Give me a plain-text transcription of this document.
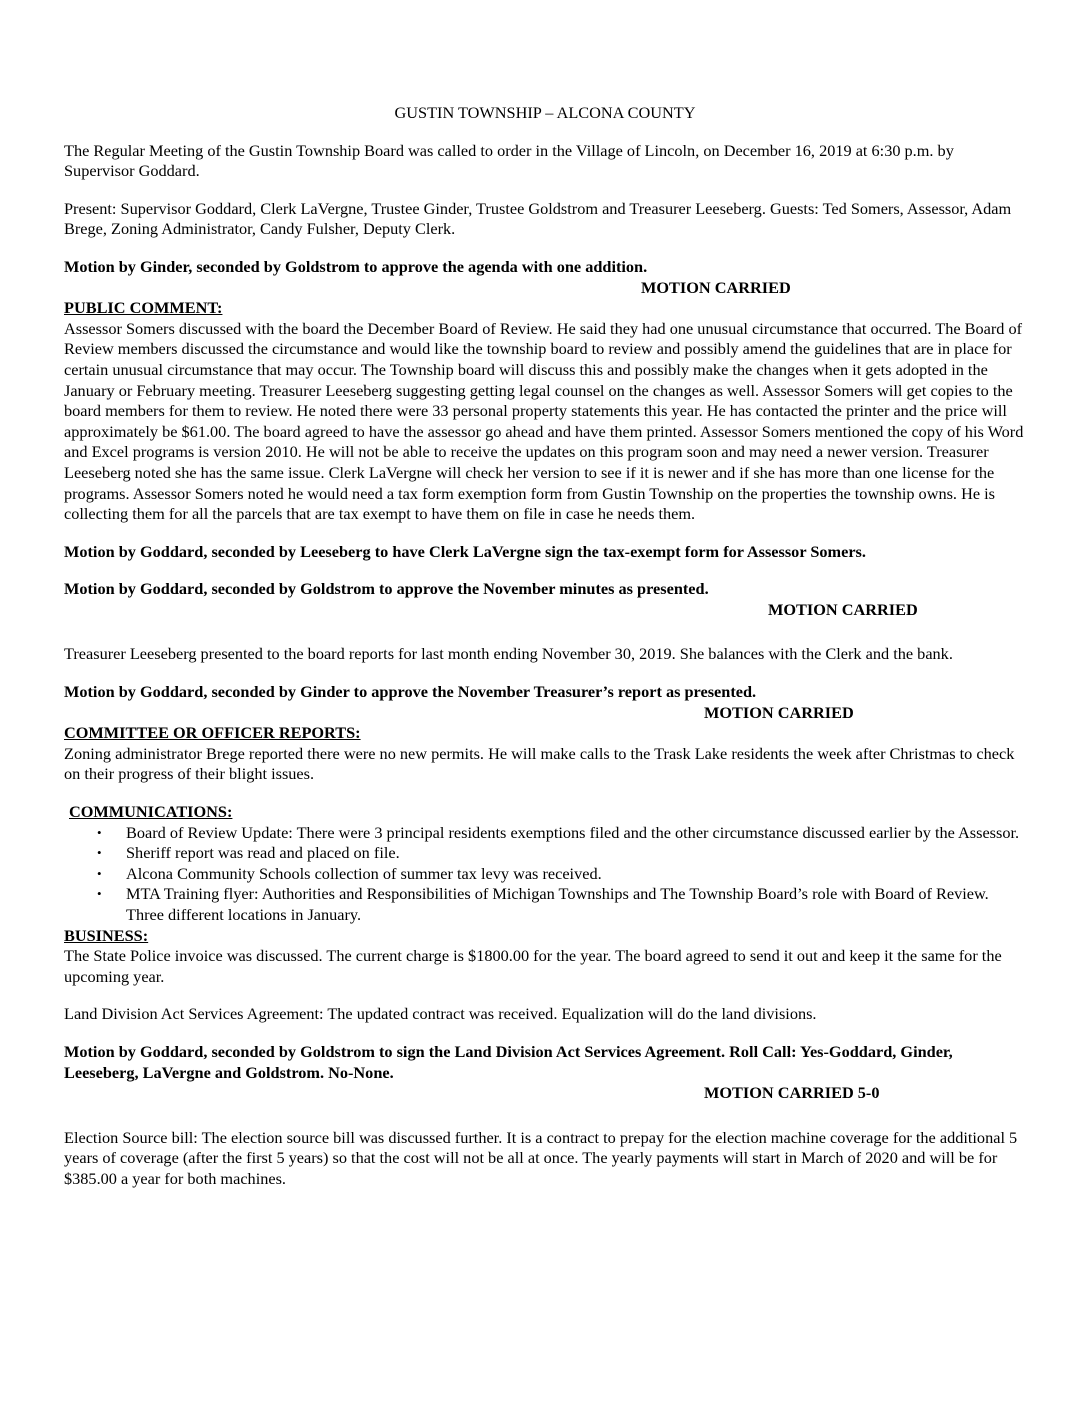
GUSTIN TOWNSHIP – ALCONA COUNTY

The Regular Meeting of the Gustin Township Board was called to order in the Village of Lincoln, on December 16, 2019 at 6:30 p.m. by Supervisor Goddard.

Present: Supervisor Goddard, Clerk LaVergne, Trustee Ginder, Trustee Goldstrom and Treasurer Leeseberg. Guests: Ted Somers, Assessor, Adam Brege, Zoning Administrator, Candy Fulsher, Deputy Clerk.

Motion by Ginder, seconded by Goldstrom to approve the agenda with one addition.

MOTION CARRIED

PUBLIC COMMENT:

Assessor Somers discussed with the board the December Board of Review. He said they had one unusual circumstance that occurred. The Board of Review members discussed the circumstance and would like the township board to review and possibly amend the guidelines that are in place for certain unusual circumstance that may occur. The Township board will discuss this and possibly make the changes when it gets adopted in the January or February meeting. Treasurer Leeseberg suggesting getting legal counsel on the changes as well. Assessor Somers will get copies to the board members for them to review. He noted there were 33 personal property statements this year. He has contacted the printer and the price will approximately be $61.00. The board agreed to have the assessor go ahead and have them printed. Assessor Somers mentioned the copy of his Word and Excel programs is version 2010. He will not be able to receive the updates on this program soon and may need a newer version. Treasurer Leeseberg noted she has the same issue. Clerk LaVergne will check her version to see if it is newer and if she has more than one license for the programs. Assessor Somers noted he would need a tax form exemption form from Gustin Township on the properties the township owns. He is collecting them for all the parcels that are tax exempt to have them on file in case he needs them.

Motion by Goddard, seconded by Leeseberg to have Clerk LaVergne sign the tax-exempt form for Assessor Somers.

Motion by Goddard, seconded by Goldstrom to approve the November minutes as presented.

MOTION CARRIED

Treasurer Leeseberg presented to the board reports for last month ending November 30, 2019. She balances with the Clerk and the bank.

Motion by Goddard, seconded by Ginder to approve the November Treasurer’s report as presented.

MOTION CARRIED

COMMITTEE OR OFFICER REPORTS:

Zoning administrator Brege reported there were no new permits. He will make calls to the Trask Lake residents the week after Christmas to check on their progress of their blight issues.

COMMUNICATIONS:

• Board of Review Update: There were 3 principal residents exemptions filed and the other circumstance discussed earlier by the Assessor.
• Sheriff report was read and placed on file.
• Alcona Community Schools collection of summer tax levy was received.
• MTA Training flyer: Authorities and Responsibilities of Michigan Townships and The Township Board’s role with Board of Review. Three different locations in January.

BUSINESS:

The State Police invoice was discussed. The current charge is $1800.00 for the year. The board agreed to send it out and keep it the same for the upcoming year.

Land Division Act Services Agreement: The updated contract was received. Equalization will do the land divisions.

Motion by Goddard, seconded by Goldstrom to sign the Land Division Act Services Agreement. Roll Call: Yes-Goddard, Ginder, Leeseberg, LaVergne and Goldstrom. No-None.

MOTION CARRIED 5-0

Election Source bill: The election source bill was discussed further. It is a contract to prepay for the election machine coverage for the additional 5 years of coverage (after the first 5 years) so that the cost will not be all at once. The yearly payments will start in March of 2020 and will be for $385.00 a year for both machines.
